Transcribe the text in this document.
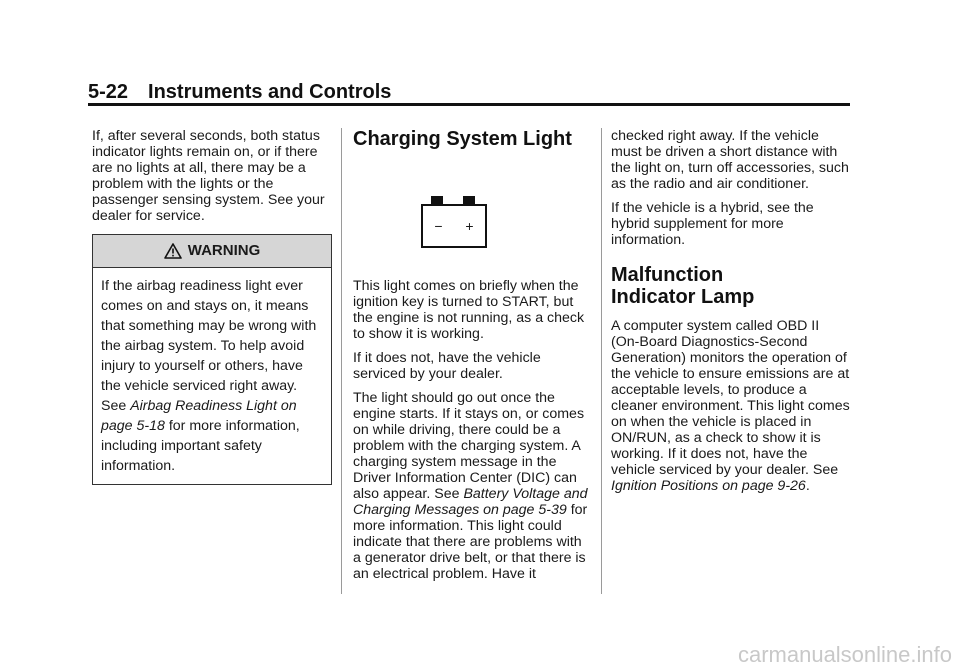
5-22 Instruments and Controls

If, after several seconds, both status indicator lights remain on, or if there are no lights at all, there may be a problem with the lights or the passenger sensing system. See your dealer for service.

WARNING
If the airbag readiness light ever comes on and stays on, it means that something may be wrong with the airbag system. To help avoid injury to yourself or others, have the vehicle serviced right away. See Airbag Readiness Light on page 5-18 for more information, including important safety information.
Charging System Light
− +

This light comes on briefly when the ignition key is turned to START, but the engine is not running, as a check to show it is working.

If it does not, have the vehicle serviced by your dealer.

The light should go out once the engine starts. If it stays on, or comes on while driving, there could be a problem with the charging system. A charging system message in the Driver Information Center (DIC) can also appear. See Battery Voltage and Charging Messages on page 5-39 for more information. This light could indicate that there are problems with a generator drive belt, or that there is an electrical problem. Have it

checked right away. If the vehicle must be driven a short distance with the light on, turn off accessories, such as the radio and air conditioner.

If the vehicle is a hybrid, see the hybrid supplement for more information.

Malfunction
Indicator Lamp

A computer system called OBD II (On-Board Diagnostics-Second Generation) monitors the operation of the vehicle to ensure emissions are at acceptable levels, to produce a cleaner environment. This light comes on when the vehicle is placed in ON/RUN, as a check to show it is working. If it does not, have the vehicle serviced by your dealer. See Ignition Positions on page 9-26.

carmanualsonline.info
